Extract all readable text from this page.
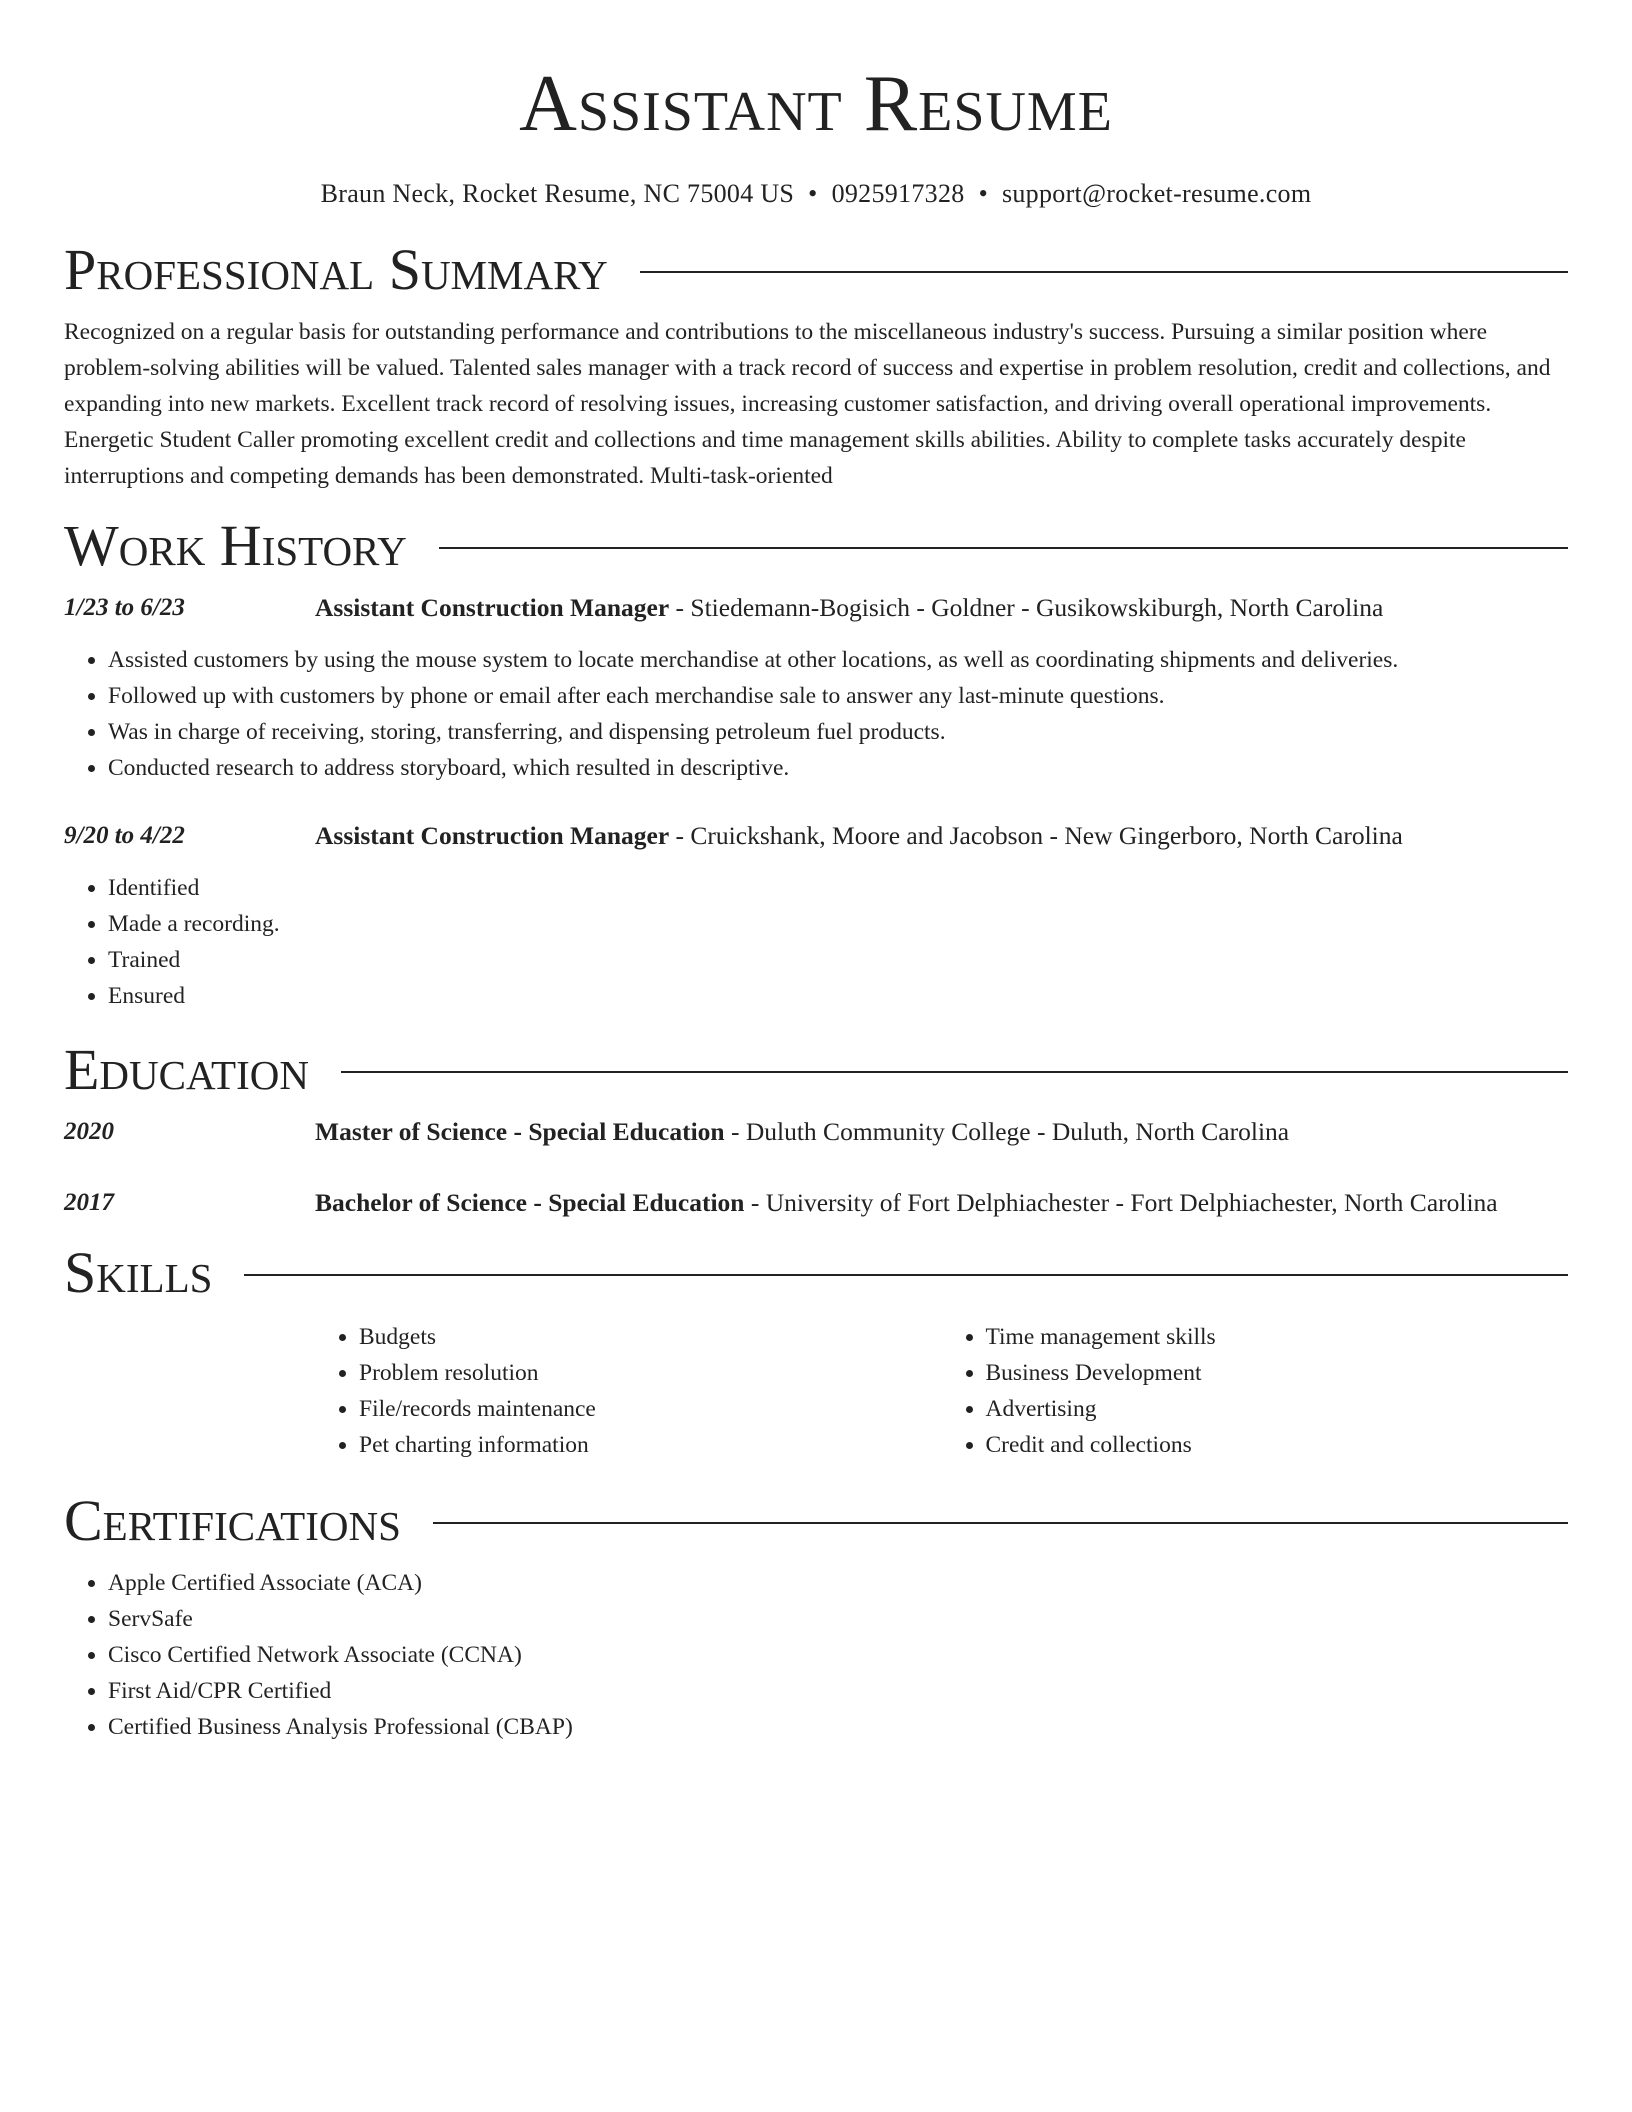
Assistant Resume
Braun Neck, Rocket Resume, NC 75004 US • 0925917328 • support@rocket-resume.com
Professional Summary

Recognized on a regular basis for outstanding performance and contributions to the miscellaneous industry's success. Pursuing a similar position where problem-solving abilities will be valued. Talented sales manager with a track record of success and expertise in problem resolution, credit and collections, and expanding into new markets. Excellent track record of resolving issues, increasing customer satisfaction, and driving overall operational improvements. Energetic Student Caller promoting excellent credit and collections and time management skills abilities. Ability to complete tasks accurately despite interruptions and competing demands has been demonstrated. Multi-task-oriented

Work History
1/23 to 6/23	Assistant Construction Manager - Stiedemann-Bogisich - Goldner - Gusikowskiburgh, North Carolina
• Assisted customers by using the mouse system to locate merchandise at other locations, as well as coordinating shipments and deliveries.
• Followed up with customers by phone or email after each merchandise sale to answer any last-minute questions.
• Was in charge of receiving, storing, transferring, and dispensing petroleum fuel products.
• Conducted research to address storyboard, which resulted in descriptive.
9/20 to 4/22	Assistant Construction Manager - Cruickshank, Moore and Jacobson - New Gingerboro, North Carolina
• Identified
• Made a recording.
• Trained
• Ensured
Education
2020	Master of Science - Special Education - Duluth Community College - Duluth, North Carolina
2017	Bachelor of Science - Special Education - University of Fort Delphiachester - Fort Delphiachester, North Carolina
Skills
• Budgets
• Problem resolution
• File/records maintenance
• Pet charting information
• Time management skills
• Business Development
• Advertising
• Credit and collections
Certifications
• Apple Certified Associate (ACA)
• ServSafe
• Cisco Certified Network Associate (CCNA)
• First Aid/CPR Certified
• Certified Business Analysis Professional (CBAP)
